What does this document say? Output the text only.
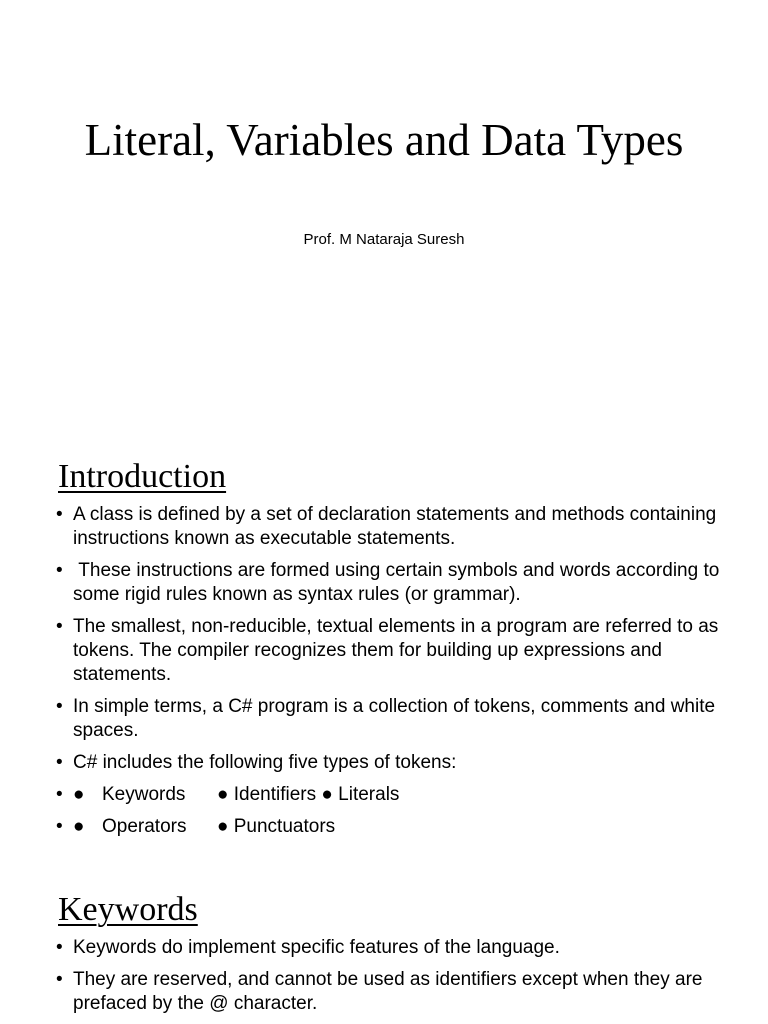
Literal, Variables and Data Types
Prof. M Nataraja Suresh
Introduction
• A class is defined by a set of declaration statements and methods containing instructions known as executable statements.
• These instructions are formed using certain symbols and words according to some rigid rules known as syntax rules (or grammar).
• The smallest, non-reducible, textual elements in a program are referred to as tokens. The compiler recognizes them for building up expressions and statements.
• In simple terms, a C# program is a collection of tokens, comments and white spaces.
• C# includes the following five types of tokens:
• ● Keywords ● Identifiers ● Literals
• ● Operators ● Punctuators
Keywords
• Keywords do implement specific features of the language.
• They are reserved, and cannot be used as identifiers except when they are prefaced by the @ character.
